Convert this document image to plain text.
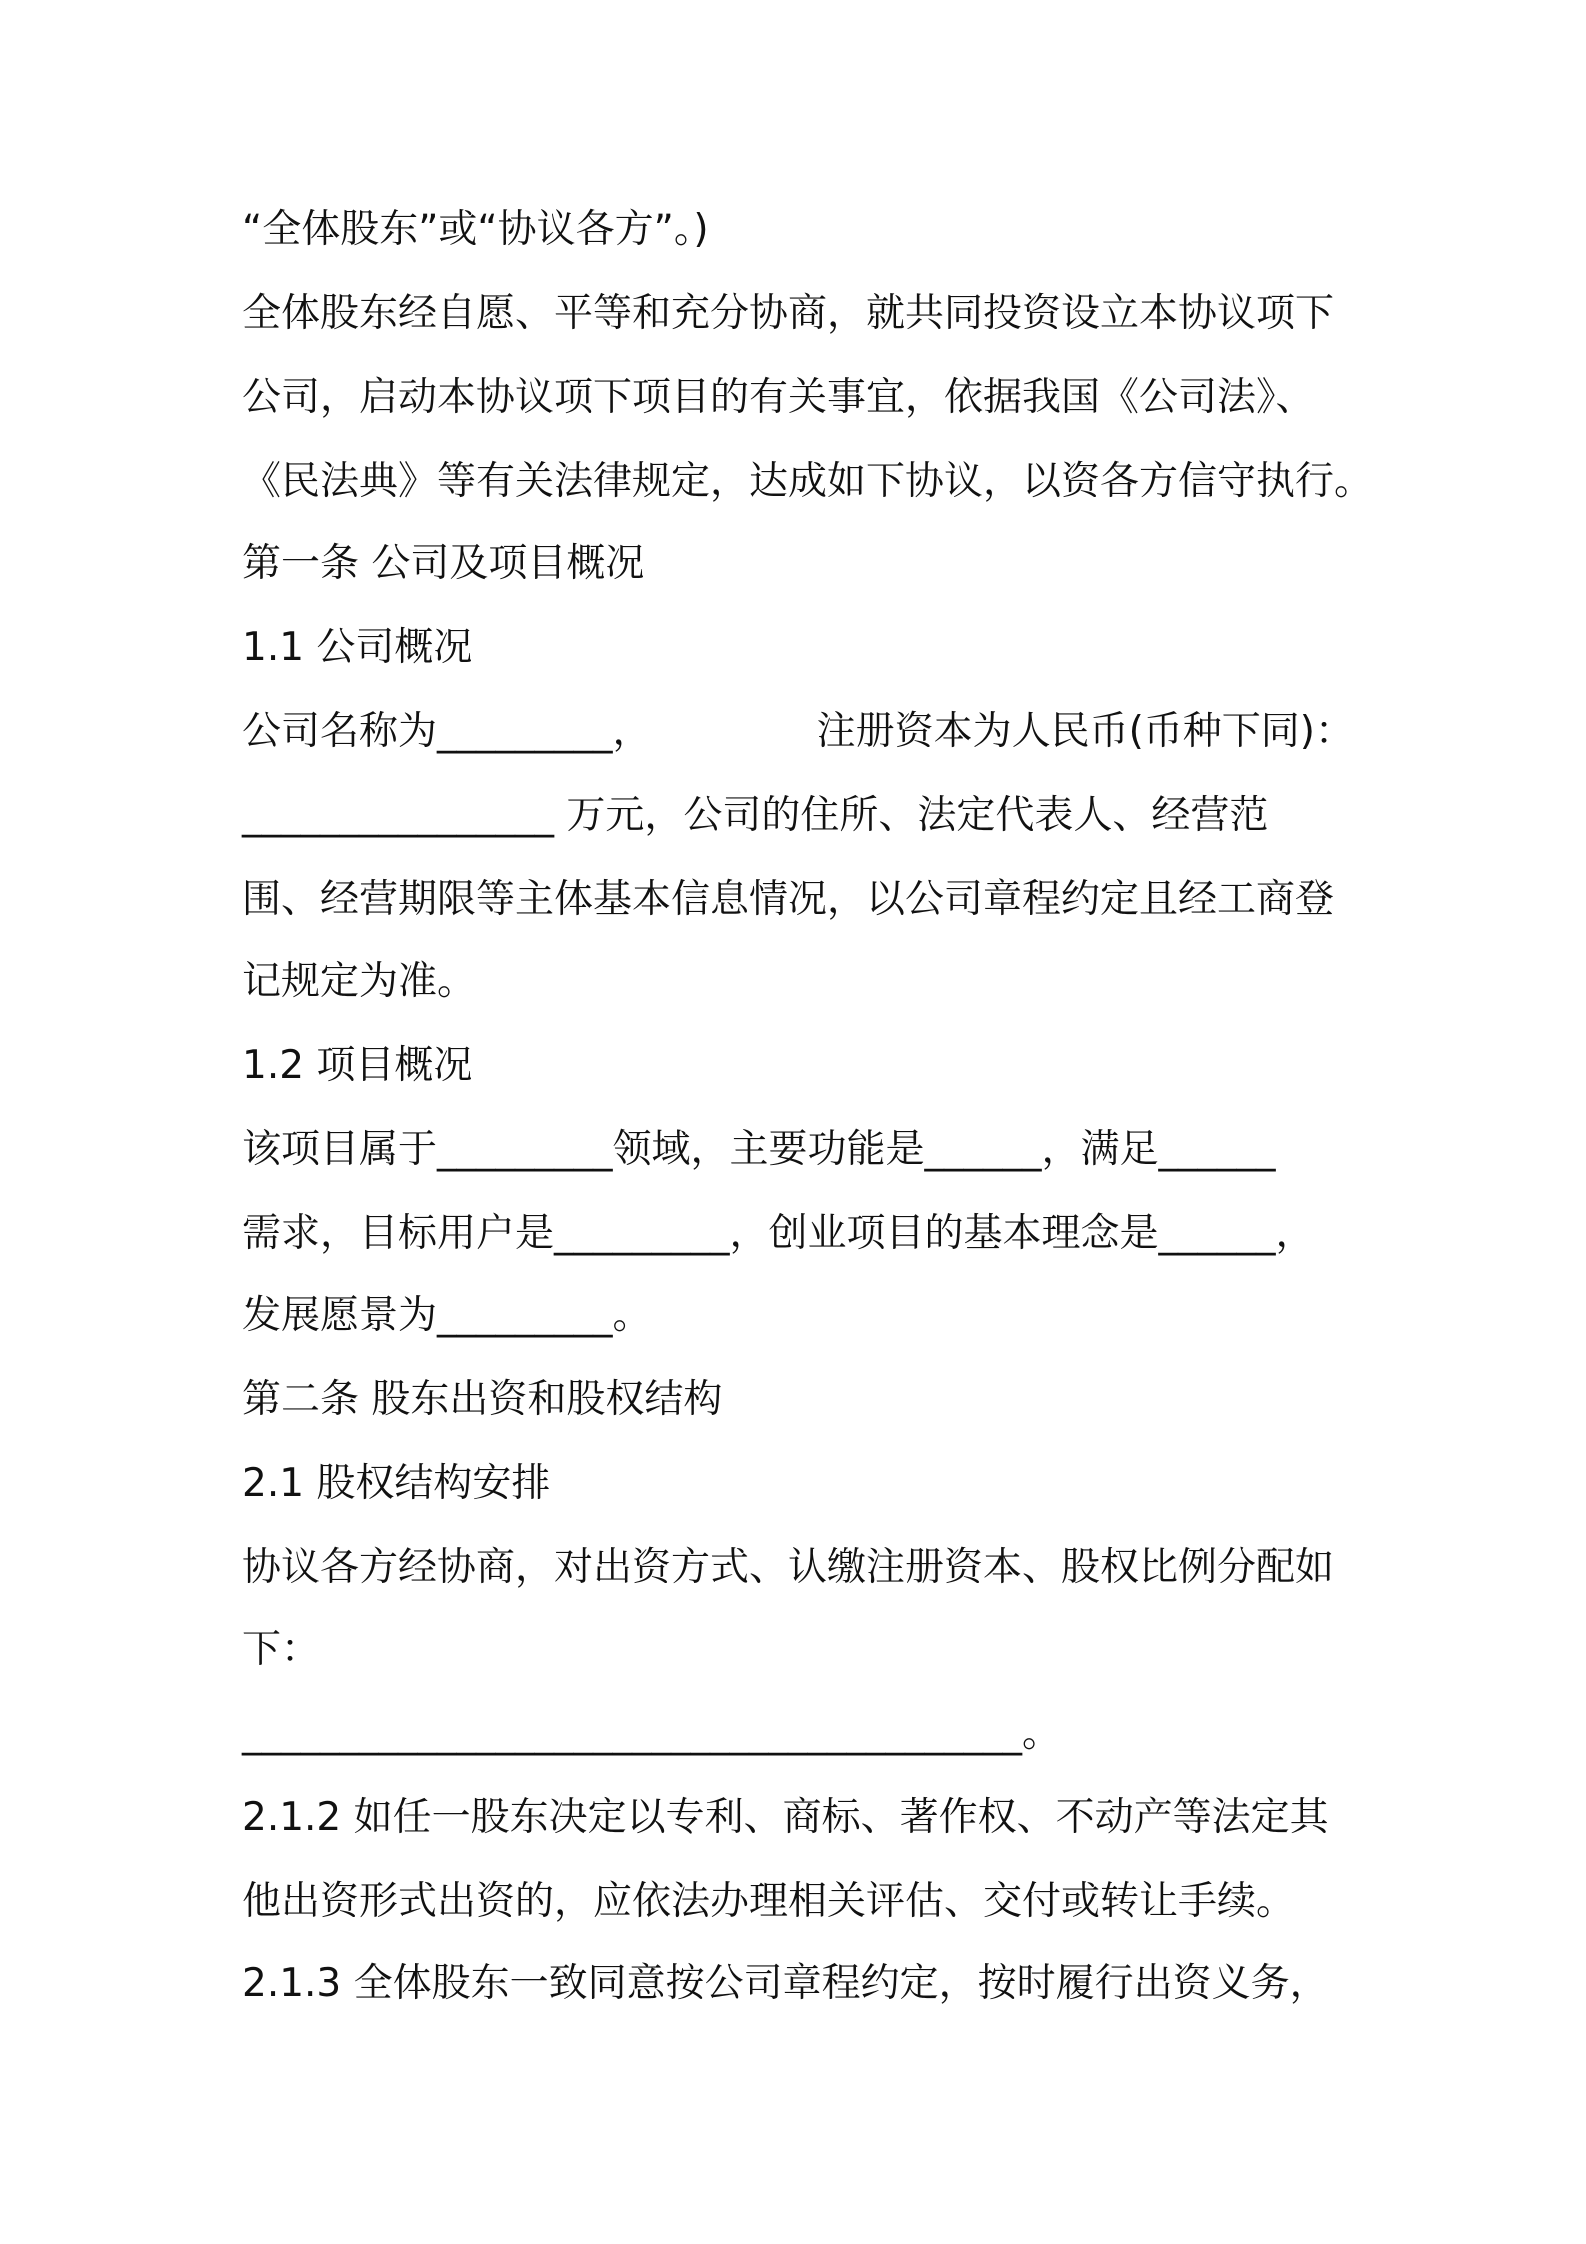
“全体股东”或“协议各方”。)
全体股东经自愿、平等和充分协商，就共同投资设立本协议项下
公司，启动本协议项下项目的有关事宜，依据我国《公司法》、
《民法典》等有关法律规定，达成如下协议，以资各方信守执行。
第一条 公司及项目概况
1.1 公司概况
公司名称为_________，	注册资本为人民币(币种下同)：
________________ 万元，公司的住所、法定代表人、经营范
围、经营期限等主体基本信息情况，以公司章程约定且经工商登
记规定为准。
1.2 项目概况
该项目属于_________领域，主要功能是______，满足______
需求，目标用户是_________，创业项目的基本理念是______，
发展愿景为_________。
第二条 股东出资和股权结构
2.1 股权结构安排
协议各方经协商，对出资方式、认缴注册资本、股权比例分配如
下：
________________________________________。
2.1.2 如任一股东决定以专利、商标、著作权、不动产等法定其
他出资形式出资的，应依法办理相关评估、交付或转让手续。
2.1.3 全体股东一致同意按公司章程约定，按时履行出资义务，
